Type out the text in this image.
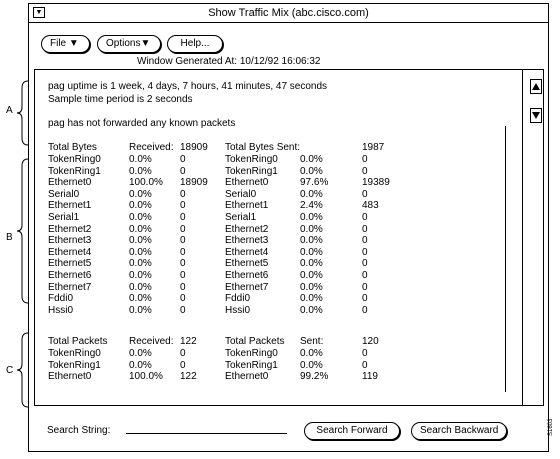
A
B
C
▼	Show Traffic Mix (abc.cisco.com)
File ▼	Options▼	Help...
Window Generated At: 10/12/92 16:06:32
pag uptime is 1 week, 4 days, 7 hours, 41 minutes, 47 seconds
Sample time period is 2 seconds
pag has not forwarded any known packets
Total Bytes	Received: 18909 Total Bytes Sent:	1987
TokenRing0	0.0%	0	TokenRing0 0.0%	0
TokenRing1	0.0%	0	TokenRing1 0.0%	0
Ethernet0	100.0% 18909 Ethernet0	97.6%	19389
Serial0	0.0%	0	Serial0	0.0%	0
Ethernet1	0.0%	0	Ethernet1	2.4%	483
Serial1	0.0%	0	Serial1	0.0%	0
Ethernet2	0.0%	0	Ethernet2	0.0%	0
Ethernet3	0.0%	0	Ethernet3	0.0%	0
Ethernet4	0.0%	0	Ethernet4	0.0%	0
Ethernet5	0.0%	0	Ethernet5	0.0%	0
Ethernet6	0.0%	0	Ethernet6	0.0%	0
Ethernet7	0.0%	0	Ethernet7	0.0%	0
Fddi0	0.0%	0	Fddi0	0.0%	0
Hssi0	0.0%	0	Hssi0	0.0%	0
Total Packets Received: 122	Total Packets Sent:	120
TokenRing0	0.0%	0	TokenRing0 0.0%	0
TokenRing1	0.0%	0	TokenRing1 0.0%	0
Ethernet0	100.0% 122	Ethernet0	99.2%	119
Search String:	Search Forward	Search Backward	S1603
